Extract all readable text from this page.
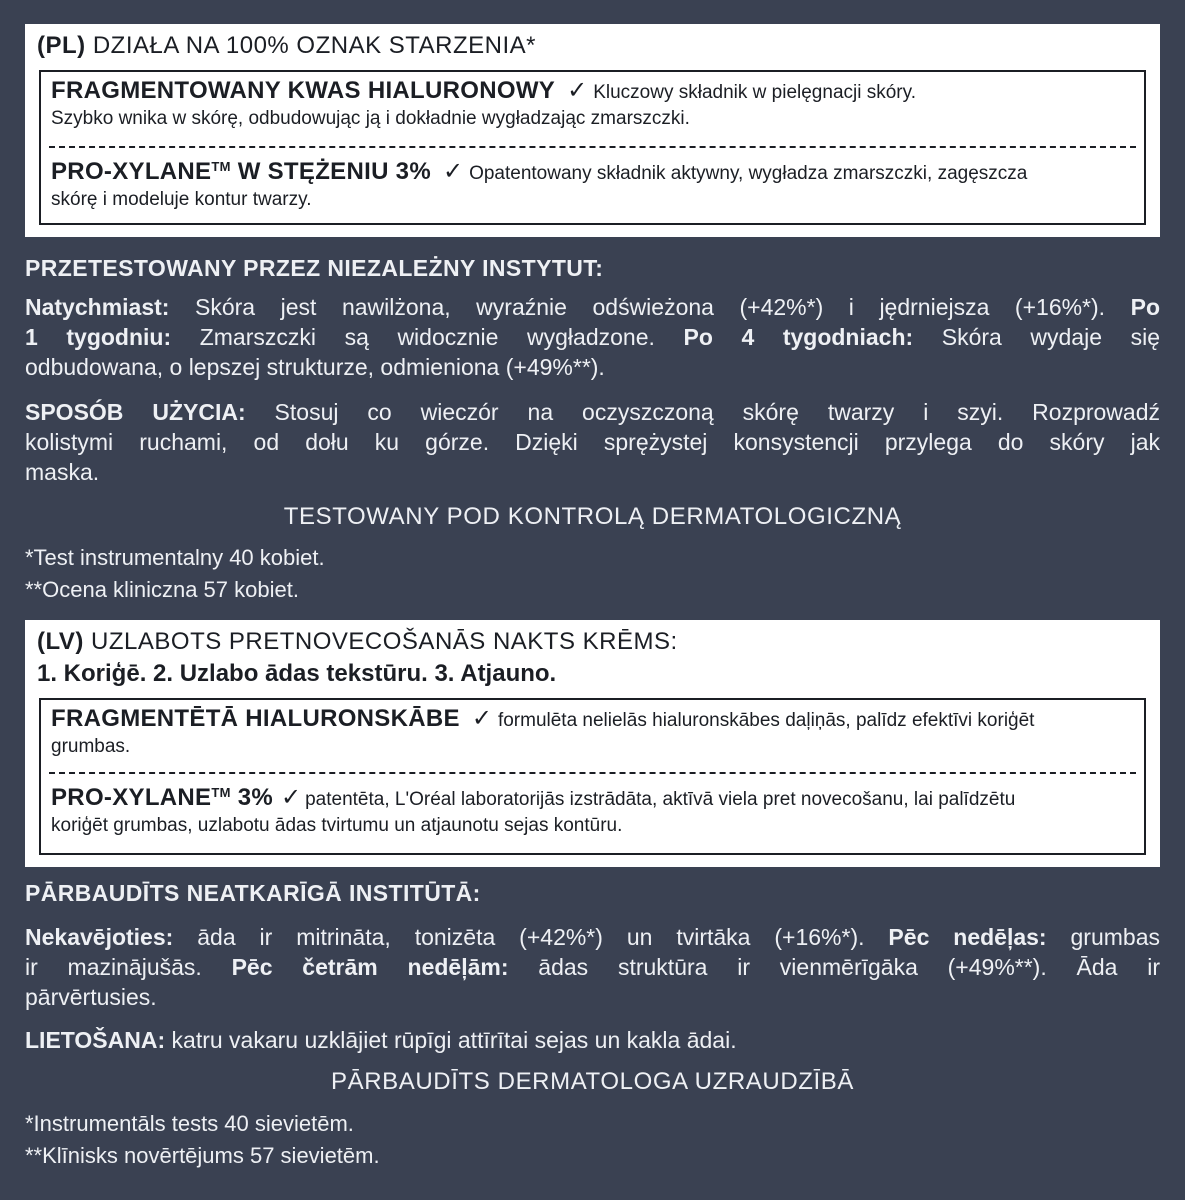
(PL) DZIAŁA NA 100% OZNAK STARZENIA*
FRAGMENTOWANY KWAS HIALURONOWY ✓ Kluczowy składnik w pielęgnacji skóry.
Szybko wnika w skórę, odbudowując ją i dokładnie wygładzając zmarszczki.
PRO-XYLANE™ W STĘŻENIU 3% ✓ Opatentowany składnik aktywny, wygładza zmarszczki, zagęszcza
skórę i modeluje kontur twarzy.
PRZETESTOWANY PRZEZ NIEZALEŻNY INSTYTUT:
Natychmiast: Skóra jest nawilżona, wyraźnie odświeżona (+42%*) i jędrniejsza (+16%*). Po
1 tygodniu: Zmarszczki są widocznie wygładzone. Po 4 tygodniach: Skóra wydaje się
odbudowana, o lepszej strukturze, odmieniona (+49%**).
SPOSÓB UŻYCIA: Stosuj co wieczór na oczyszczoną skórę twarzy i szyi. Rozprowadź
kolistymi ruchami, od dołu ku górze. Dzięki sprężystej konsystencji przylega do skóry jak
maska.
TESTOWANY POD KONTROLĄ DERMATOLOGICZNĄ
*Test instrumentalny 40 kobiet.
**Ocena kliniczna 57 kobiet.
(LV) UZLABOTS PRETNOVECOŠANĀS NAKTS KRĒMS:
1. Koriģē. 2. Uzlabo ādas tekstūru. 3. Atjauno.
FRAGMENTĒTĀ HIALURONSKĀBE ✓ formulēta nelielās hialuronskābes daļiņās, palīdz efektīvi koriģēt
grumbas.
PRO-XYLANE™ 3% ✓ patentēta, L'Oréal laboratorijās izstrādāta, aktīvā viela pret novecošanu, lai palīdzētu
koriģēt grumbas, uzlabotu ādas tvirtumu un atjaunotu sejas kontūru.
PĀRBAUDĪTS NEATKARĪGĀ INSTITŪTĀ:
Nekavējoties: āda ir mitrināta, tonizēta (+42%*) un tvirtāka (+16%*). Pēc nedēļas: grumbas
ir mazinājušās. Pēc četrām nedēļām: ādas struktūra ir vienmērīgāka (+49%**). Āda ir
pārvērtusies.
LIETOŠANA: katru vakaru uzklājiet rūpīgi attīrītai sejas un kakla ādai.
PĀRBAUDĪTS DERMATOLOGA UZRAUDZĪBĀ
*Instrumentāls tests 40 sievietēm.
**Klīnisks novērtējums 57 sievietēm.
